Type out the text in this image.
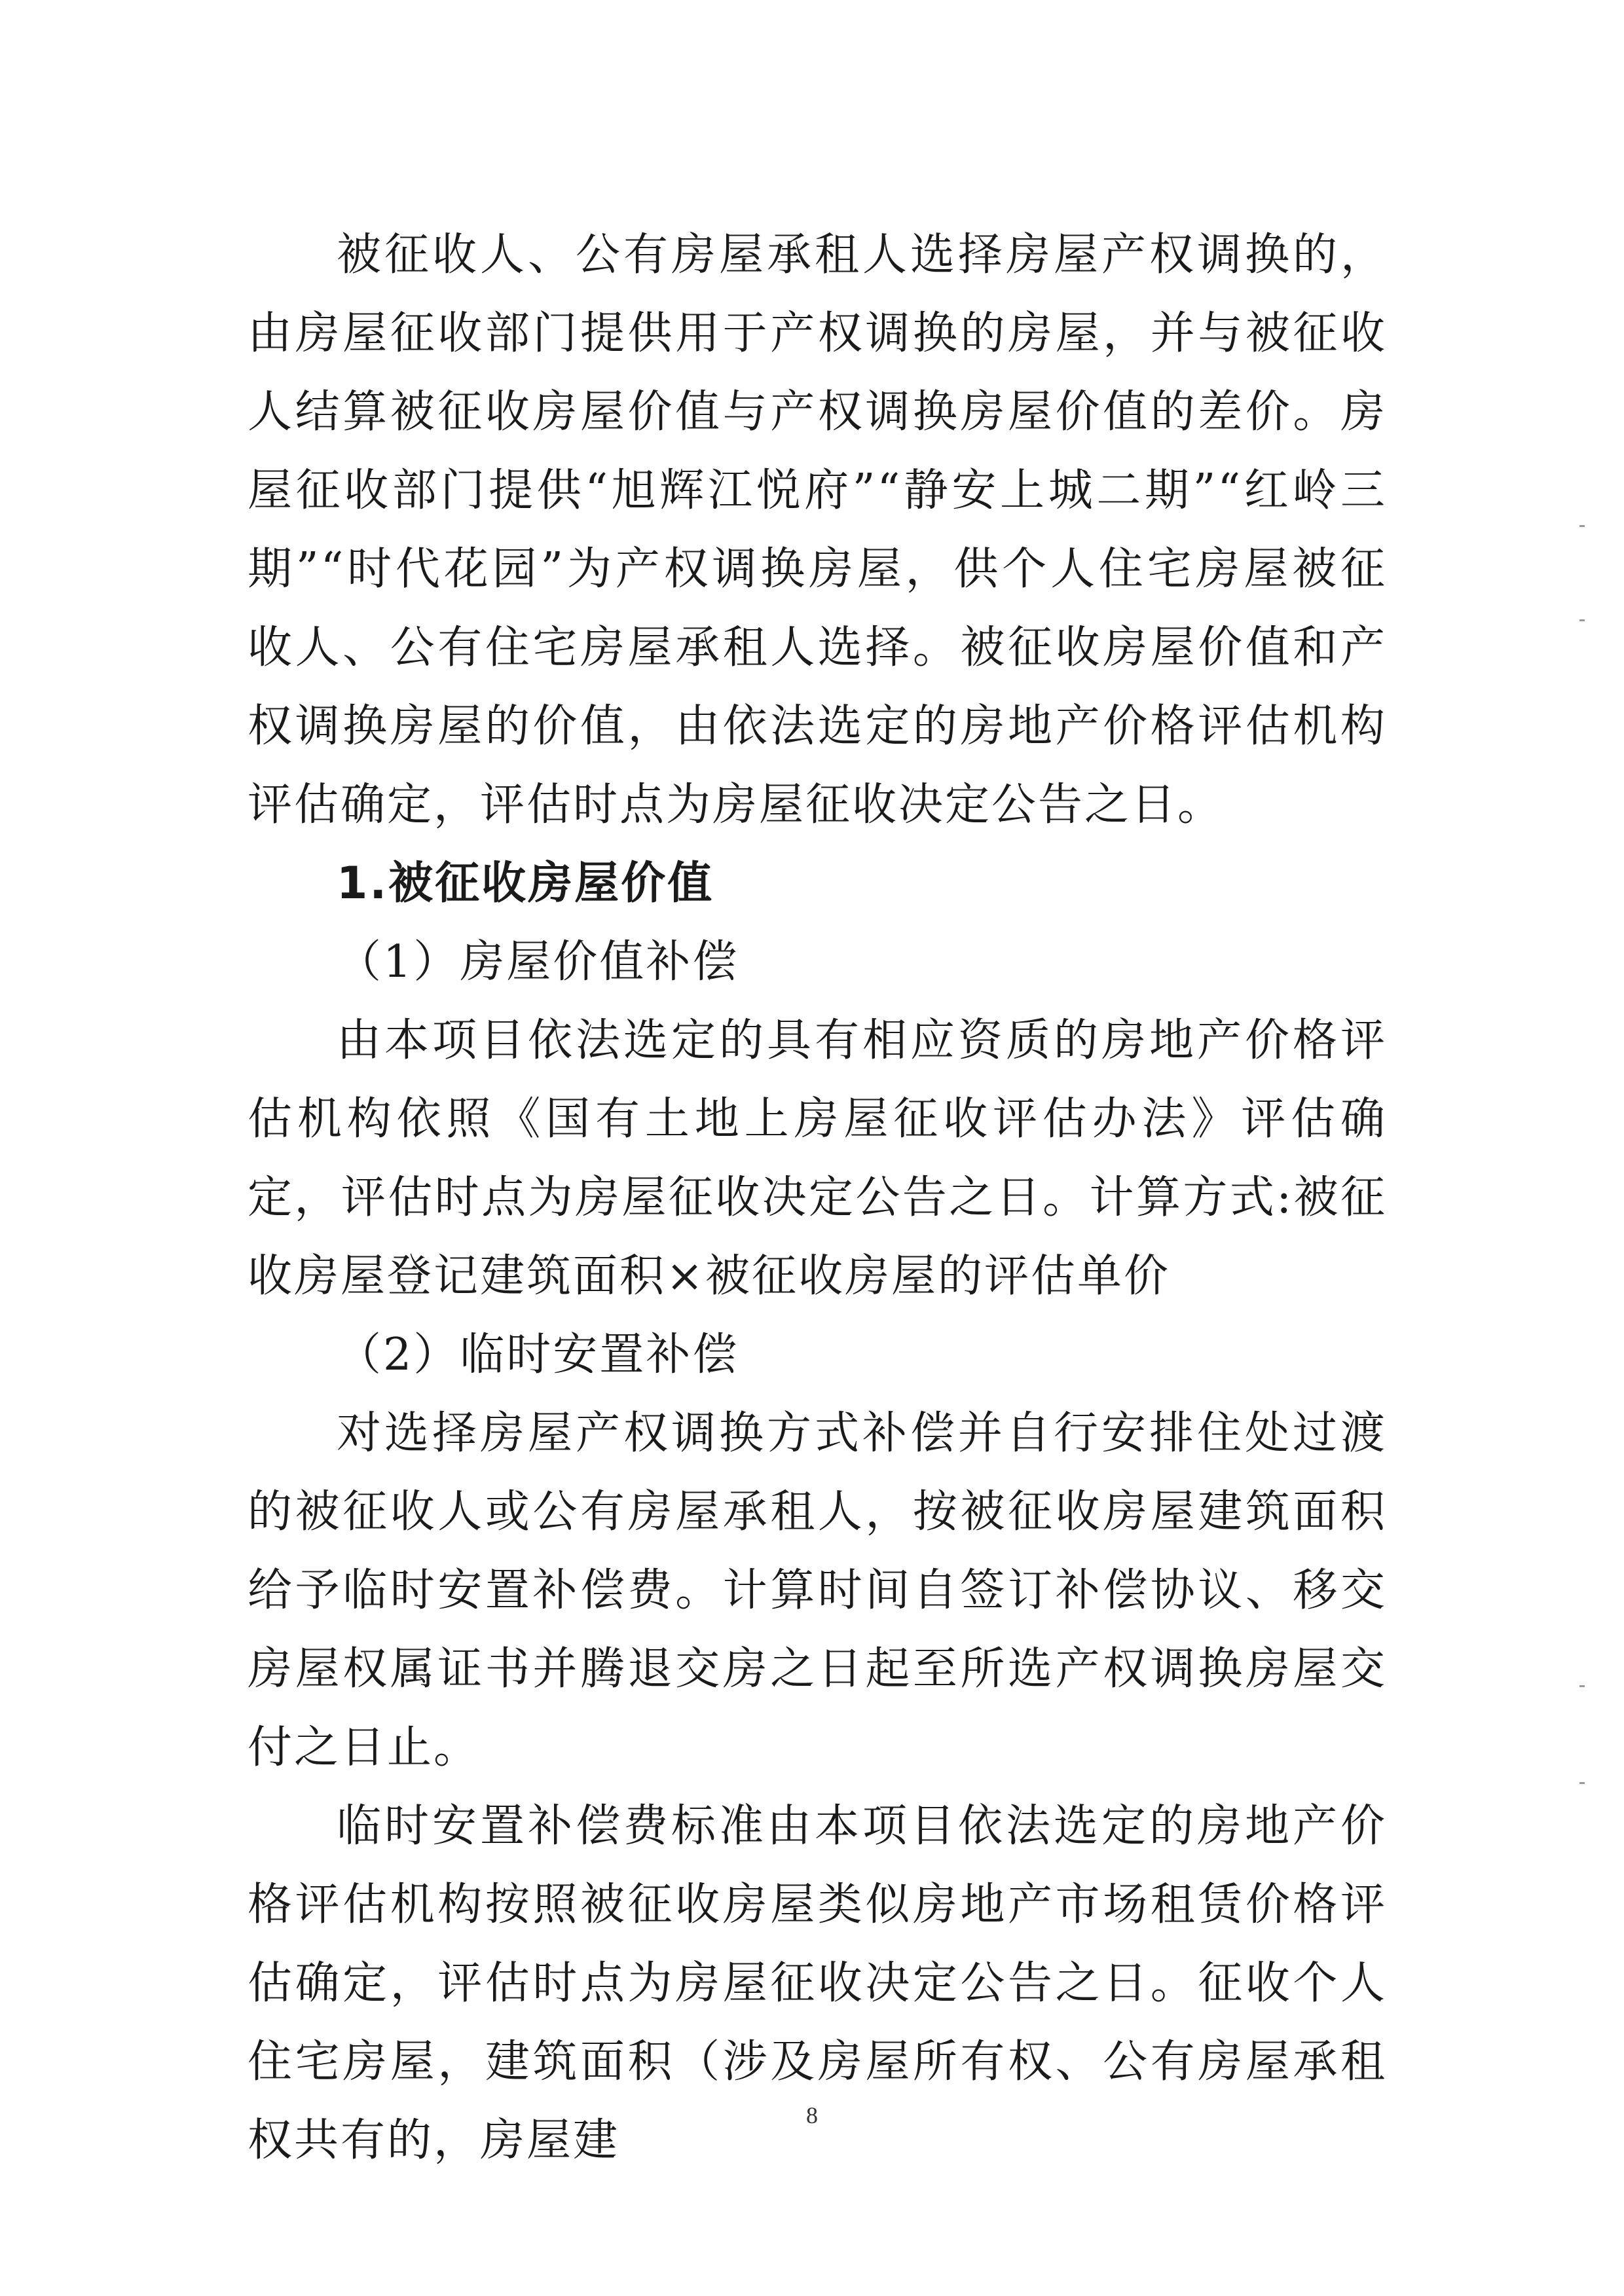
被征收人、公有房屋承租人选择房屋产权调换的，由房屋征收部门提供用于产权调换的房屋，并与被征收人结算被征收房屋价值与产权调换房屋价值的差价。房屋征收部门提供“旭辉江悦府”“静安上城二期”“红岭三期”“时代花园”为产权调换房屋，供个人住宅房屋被征收人、公有住宅房屋承租人选择。被征收房屋价值和产权调换房屋的价值，由依法选定的房地产价格评估机构评估确定，评估时点为房屋征收决定公告之日。

1.被征收房屋价值

（1）房屋价值补偿

由本项目依法选定的具有相应资质的房地产价格评估机构依照《国有土地上房屋征收评估办法》评估确定，评估时点为房屋征收决定公告之日。计算方式:被征收房屋登记建筑面积×被征收房屋的评估单价

（2）临时安置补偿

对选择房屋产权调换方式补偿并自行安排住处过渡的被征收人或公有房屋承租人，按被征收房屋建筑面积给予临时安置补偿费。计算时间自签订补偿协议、移交房屋权属证书并腾退交房之日起至所选产权调换房屋交付之日止。

临时安置补偿费标准由本项目依法选定的房地产价格评估机构按照被征收房屋类似房地产市场租赁价格评估确定，评估时点为房屋征收决定公告之日。征收个人住宅房屋，建筑面积（涉及房屋所有权、公有房屋承租权共有的，房屋建	8
